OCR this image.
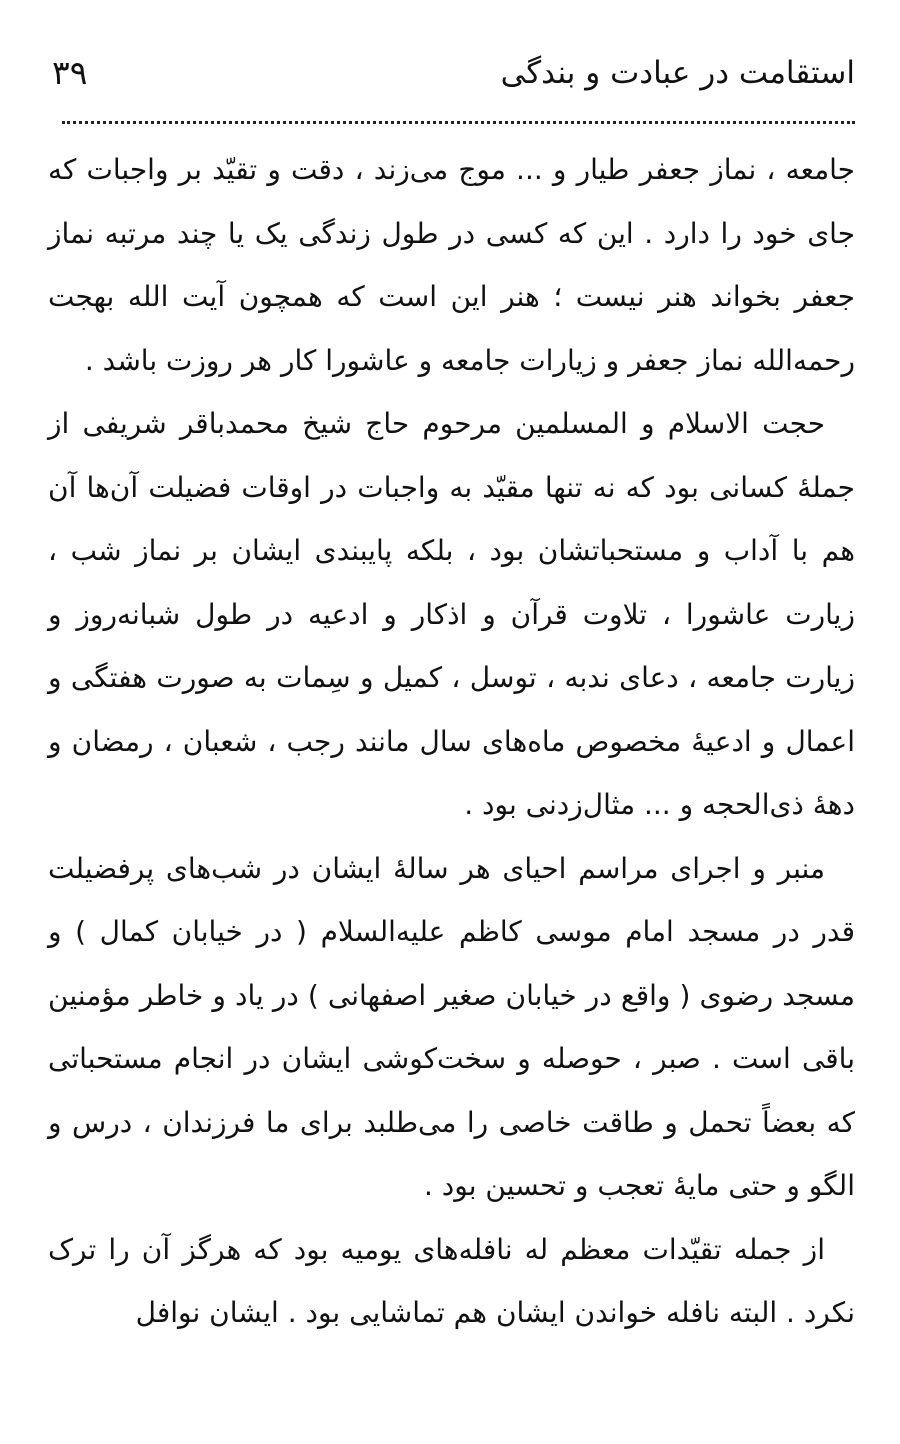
استقامت در عبادت و بندگی
۳۹

جامعه ، نماز جعفر طیار و ... موج می‌زند ، دقت و تقیّد بر واجبات که جای خود را دارد . این که کسی در طول زندگی یک یا چند مرتبه نماز جعفر بخواند هنر نیست ؛ هنر این است که همچون آیت الله بهجت رحمه‌الله نماز جعفر و زیارات جامعه و عاشورا کار هر روزت باشد .

حجت الاسلام و المسلمین مرحوم حاج شیخ محمدباقر شریفی از جملهٔ کسانی بود که نه تنها مقیّد به واجبات در اوقات فضیلت آن‌ها آن هم با آداب و مستحباتشان بود ، بلکه پایبندی ایشان بر نماز شب ، زیارت عاشورا ، تلاوت قرآن و اذکار و ادعیه در طول شبانه‌روز و زیارت جامعه ، دعای ندبه ، توسل ، کمیل و سِمات به صورت هفتگی و اعمال و ادعیهٔ مخصوص ماه‌های سال مانند رجب ، شعبان ، رمضان و دههٔ ذی‌الحجه و ... مثال‌زدنی بود .

منبر و اجرای مراسم احیای هر سالهٔ ایشان در شب‌های پرفضیلت قدر در مسجد امام موسی کاظم علیه‌السلام ( در خیابان کمال ) و مسجد رضوی ( واقع در خیابان صغیر اصفهانی ) در یاد و خاطر مؤمنین باقی است . صبر ، حوصله و سخت‌کوشی ایشان در انجام مستحباتی که بعضاً تحمل و طاقت خاصی را می‌طلبد برای ما فرزندان ، درس و الگو و حتی مایهٔ تعجب و تحسین بود .

از جمله تقیّدات معظم له نافله‌های یومیه بود که هرگز آن را ترک نکرد . البته نافله خواندن ایشان هم تماشایی بود . ایشان نوافل
